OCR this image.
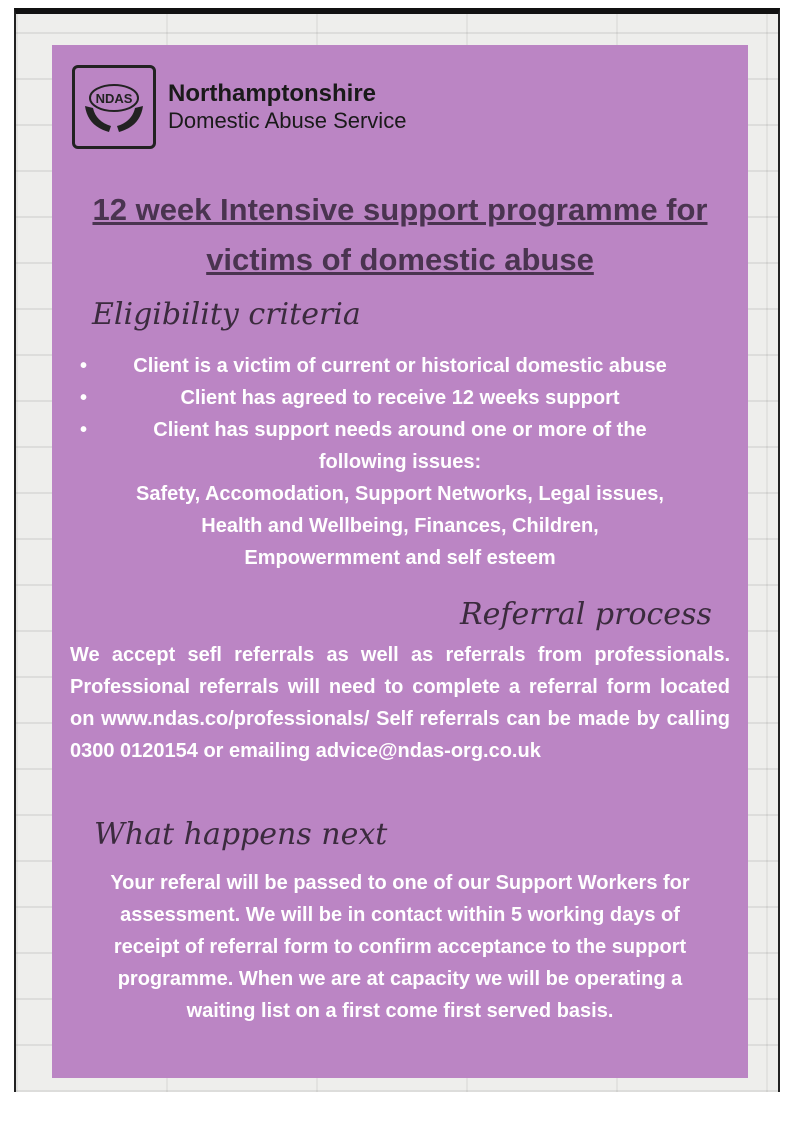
NDAS Northamptonshire
Domestic Abuse Service
12 week Intensive support programme for
victims of domestic abuse
Eligibility criteria
• Client is a victim of current or historical domestic abuse
•	Client has agreed to receive 12 weeks support
•	Client has support needs around one or more of the
following issues:
Safety, Accomodation, Support Networks, Legal issues,
Health and Wellbeing, Finances, Children,
Empowermment and self esteem
Referral process
We accept sefl referrals as well as referrals from professionals. Professional referrals will need to complete a referral form located on www.ndas.co/professionals/ Self referrals can be made by calling 0300 0120154 or emailing advice@ndas-org.co.uk
What happens next
Your referal will be passed to one of our Support Workers for
assessment. We will be in contact within 5 working days of
receipt of referral form to confirm acceptance to the support
programme. When we are at capacity we will be operating a
waiting list on a first come first served basis.
